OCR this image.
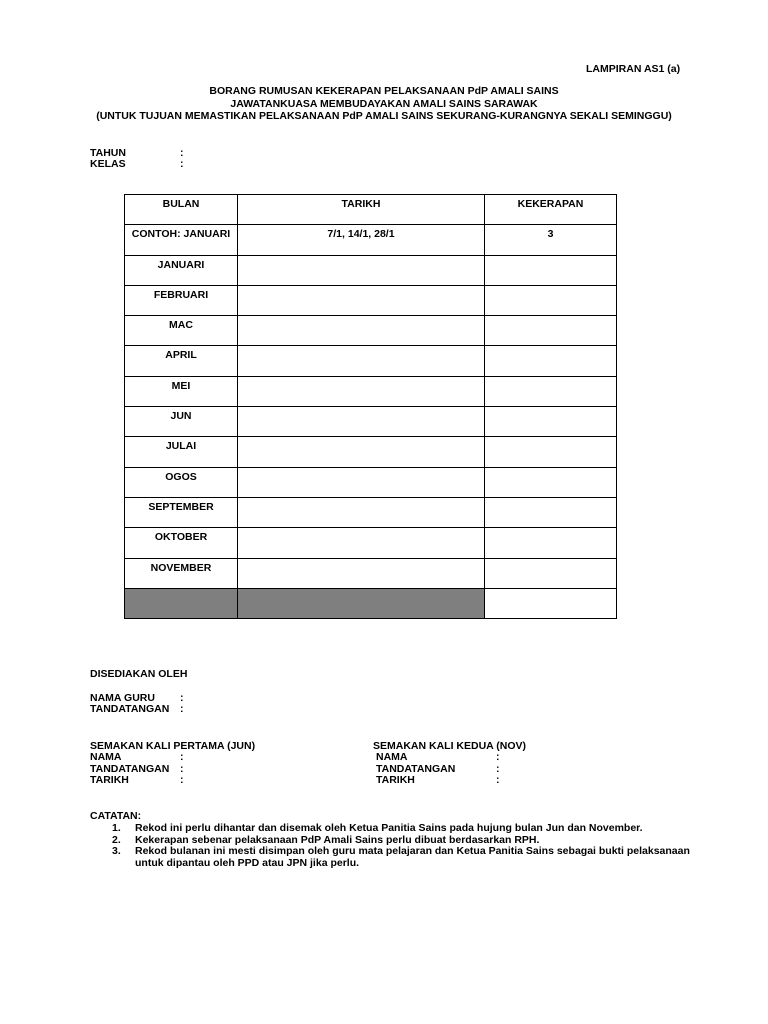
LAMPIRAN AS1 (a)
BORANG RUMUSAN KEKERAPAN PELAKSANAAN PdP AMALI SAINS
JAWATANKUASA MEMBUDAYAKAN AMALI SAINS SARAWAK
(UNTUK TUJUAN MEMASTIKAN PELAKSANAAN PdP AMALI SAINS SEKURANG-KURANGNYA SEKALI SEMINGGU)
TAHUN	:
KELAS	:
BULAN	TARIKH	KEKERAPAN

CONTOH: JANUARI	7/1, 14/1, 28/1	3

JANUARI		

FEBRUARI		

MAC		

APRIL		

MEI		

JUN		

JULAI		

OGOS		

SEPTEMBER		

OKTOBER		

NOVEMBER		

DISEDIAKAN OLEH
NAMA GURU :
TANDATANGAN :
SEMAKAN KALI PERTAMA (JUN)
NAMA	:
TANDATANGAN :
TARIKH	:
SEMAKAN KALI KEDUA (NOV)
NAMA	:
TANDATANGAN	:
TARIKH	:
CATATAN:
1. Rekod ini perlu dihantar dan disemak oleh Ketua Panitia Sains pada hujung bulan Jun dan November.
2. Kekerapan sebenar pelaksanaan PdP Amali Sains perlu dibuat berdasarkan RPH.
3. Rekod bulanan ini mesti disimpan oleh guru mata pelajaran dan Ketua Panitia Sains sebagai bukti pelaksanaan
untuk dipantau oleh PPD atau JPN jika perlu.
